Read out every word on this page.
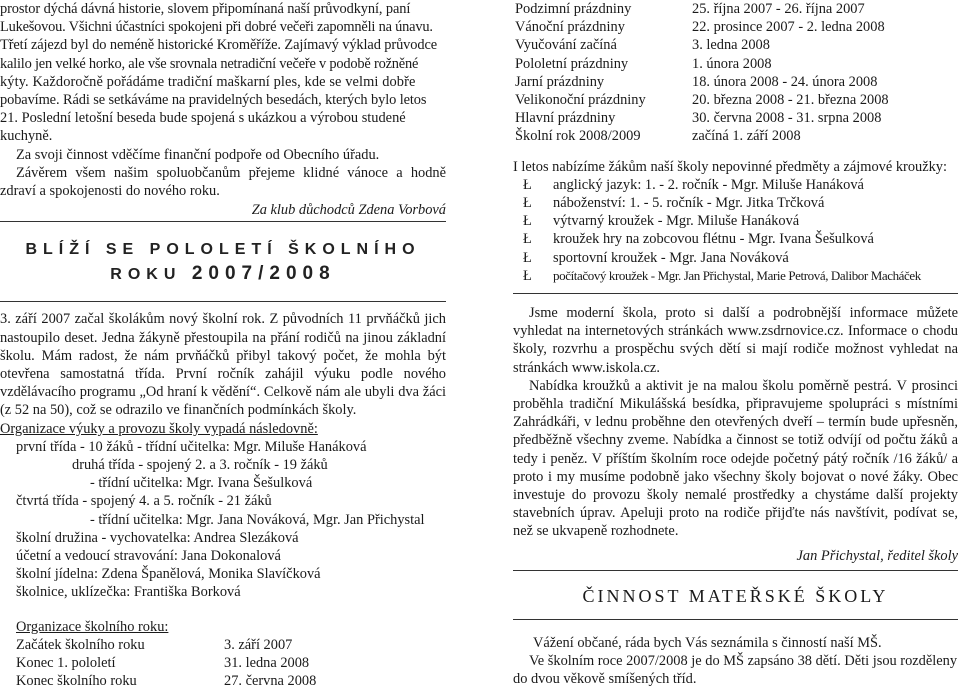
prostor dýchá dávná historie, slovem připomínaná naší průvodkyní, paní

Lukešovou. Všichni účastníci spokojeni při dobré večeři zapomněli na únavu.

Třetí zájezd byl do neméně historické Kroměříže. Zajímavý výklad průvodce

kalilo jen velké horko, ale vše srovnala netradiční večeře v podobě rožněné

kýty. Každoročně pořádáme tradiční maškarní ples, kde se velmi dobře

pobavíme. Rádi se setkáváme na pravidelných besedách, kterých bylo letos

21. Poslední letošní beseda bude spojená s ukázkou a výrobou studené

kuchyně.

Za svoji činnost vděčíme finanční podpoře od Obecního úřadu.

Závěrem všem našim spoluobčanům přejeme klidné vánoce a hodně zdraví a spokojenosti do nového roku.

Za klub důchodců Zdena Vorbová

BLÍŽÍ SE POLOLETÍ ŠKOLNÍHO
ROKU 2007/2008

3. září 2007 začal školákům nový školní rok. Z původních 11 prvňáčků jich nastoupilo deset. Jedna žákyně přestoupila na přání rodičů na jinou základní školu. Mám radost, že nám prvňáčků přibyl takový počet, že mohla být otevřena samostatná třída. První ročník zahájil výuku podle nového vzdělávacího programu „Od hraní k vědění“. Celkově nám ale ubyli dva žáci (z 52 na 50), což se odrazilo ve finančních podmínkách školy.

Organizace výuky a provozu školy vypadá následovně:

první třída - 10 žáků - třídní učitelka: Mgr. Miluše Hanáková

druhá třída - spojený 2. a 3. ročník - 19 žáků

- třídní učitelka: Mgr. Ivana Šešulková

čtvrtá třída - spojený 4. a 5. ročník - 21 žáků

- třídní učitelka: Mgr. Jana Nováková, Mgr. Jan Přichystal

školní družina - vychovatelka: Andrea Slezáková

účetní a vedoucí stravování: Jana Dokonalová

školní jídelna: Zdena Španělová, Monika Slavíčková

školnice, uklízečka: Františka Borková

Organizace školního roku:

Začátek školního roku	3. září 2007
Konec 1. pololetí	31. ledna 2008
Konec školního roku	27. června 2008
Podzimní prázdniny	25. října 2007 - 26. října 2007
Vánoční prázdniny	22. prosince 2007 - 2. ledna 2008
Vyučování začíná	3. ledna 2008
Pololetní prázdniny	1. února 2008
Jarní prázdniny	18. února 2008 - 24. února 2008
Velikonoční prázdniny	20. března 2008 - 21. března 2008
Hlavní prázdniny	30. června 2008 - 31. srpna 2008
Školní rok 2008/2009	začíná 1. září 2008

I letos nabízíme žákům naší školy nepovinné předměty a zájmové kroužky:

Ł	anglický jazyk: 1. - 2. ročník - Mgr. Miluše Hanáková
Ł	náboženství: 1. - 5. ročník - Mgr. Jitka Trčková
Ł	výtvarný kroužek - Mgr. Miluše Hanáková
Ł	kroužek hry na zobcovou flétnu - Mgr. Ivana Šešulková
Ł	sportovní kroužek - Mgr. Jana Nováková
Ł	počítačový kroužek - Mgr. Jan Přichystal, Marie Petrová, Dalibor Macháček

Jsme moderní škola, proto si další a podrobnější informace můžete vyhledat na internetových stránkách www.zsdrnovice.cz. Informace o chodu školy, rozvrhu a prospěchu svých dětí si mají rodiče možnost vyhledat na stránkách www.iskola.cz.

Nabídka kroužků a aktivit je na malou školu poměrně pestrá. V prosinci proběhla tradiční Mikulášská besídka, připravujeme spolupráci s místními Zahrádkáři, v lednu proběhne den otevřených dveří – termín bude upřesněn, předběžně všechny zveme. Nabídka a činnost se totiž odvíjí od počtu žáků a tedy i peněz. V příštím školním roce odejde početný pátý ročník /16 žáků/ a proto i my musíme podobně jako všechny školy bojovat o nové žáky. Obec investuje do provozu školy nemalé prostředky a chystáme další projekty stavebních úprav. Apeluji proto na rodiče přijďte nás navštívit, podívat se, než se ukvapeně rozhodnete.

Jan Přichystal, ředitel školy

ČINNOST MATEŘSKÉ ŠKOLY

Vážení občané, ráda bych Vás seznámila s činností naší MŠ.

Ve školním roce 2007/2008 je do MŠ zapsáno 38 dětí. Děti jsou rozděleny do dvou věkově smíšených tříd.
